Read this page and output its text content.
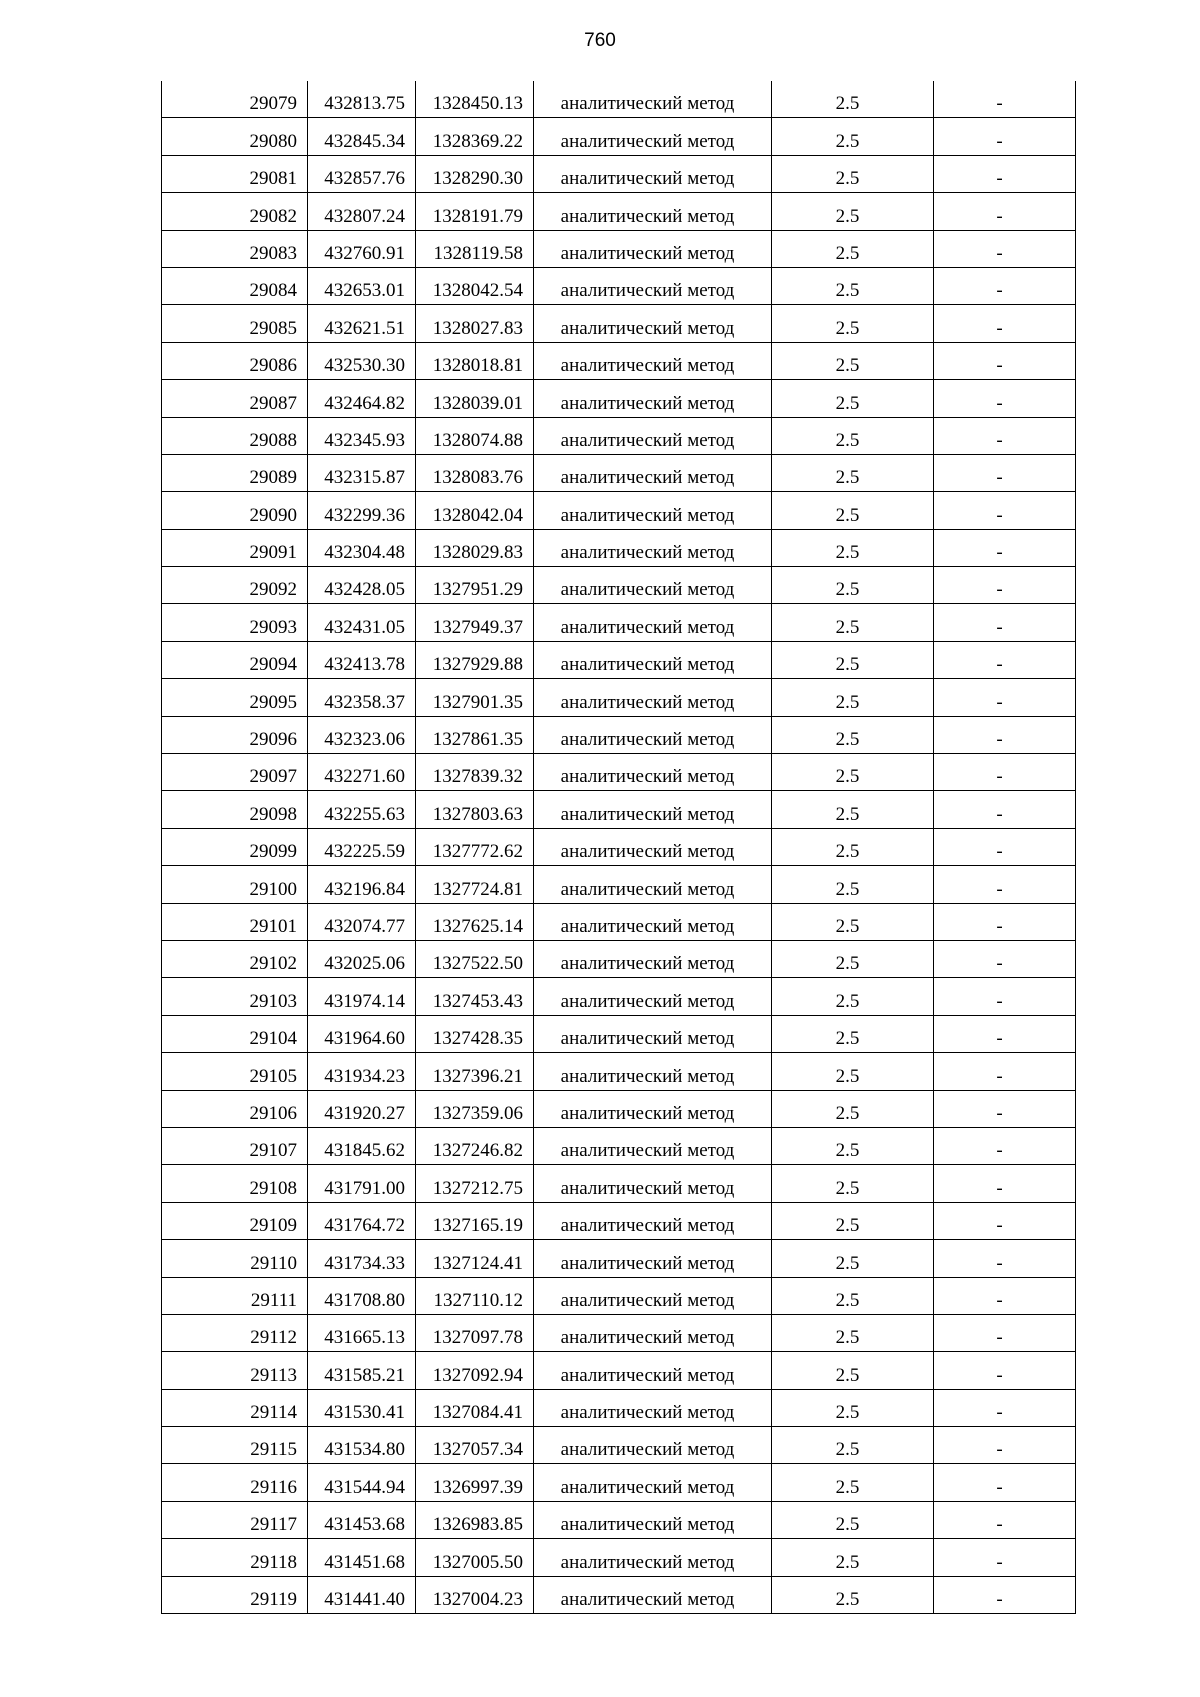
760
29079	432813.75	1328450.13	аналитический метод	2.5	-
29080	432845.34	1328369.22	аналитический метод	2.5	-
29081	432857.76	1328290.30	аналитический метод	2.5	-
29082	432807.24	1328191.79	аналитический метод	2.5	-
29083	432760.91	1328119.58	аналитический метод	2.5	-
29084	432653.01	1328042.54	аналитический метод	2.5	-
29085	432621.51	1328027.83	аналитический метод	2.5	-
29086	432530.30	1328018.81	аналитический метод	2.5	-
29087	432464.82	1328039.01	аналитический метод	2.5	-
29088	432345.93	1328074.88	аналитический метод	2.5	-
29089	432315.87	1328083.76	аналитический метод	2.5	-
29090	432299.36	1328042.04	аналитический метод	2.5	-
29091	432304.48	1328029.83	аналитический метод	2.5	-
29092	432428.05	1327951.29	аналитический метод	2.5	-
29093	432431.05	1327949.37	аналитический метод	2.5	-
29094	432413.78	1327929.88	аналитический метод	2.5	-
29095	432358.37	1327901.35	аналитический метод	2.5	-
29096	432323.06	1327861.35	аналитический метод	2.5	-
29097	432271.60	1327839.32	аналитический метод	2.5	-
29098	432255.63	1327803.63	аналитический метод	2.5	-
29099	432225.59	1327772.62	аналитический метод	2.5	-
29100	432196.84	1327724.81	аналитический метод	2.5	-
29101	432074.77	1327625.14	аналитический метод	2.5	-
29102	432025.06	1327522.50	аналитический метод	2.5	-
29103	431974.14	1327453.43	аналитический метод	2.5	-
29104	431964.60	1327428.35	аналитический метод	2.5	-
29105	431934.23	1327396.21	аналитический метод	2.5	-
29106	431920.27	1327359.06	аналитический метод	2.5	-
29107	431845.62	1327246.82	аналитический метод	2.5	-
29108	431791.00	1327212.75	аналитический метод	2.5	-
29109	431764.72	1327165.19	аналитический метод	2.5	-
29110	431734.33	1327124.41	аналитический метод	2.5	-
29111	431708.80	1327110.12	аналитический метод	2.5	-
29112	431665.13	1327097.78	аналитический метод	2.5	-
29113	431585.21	1327092.94	аналитический метод	2.5	-
29114	431530.41	1327084.41	аналитический метод	2.5	-
29115	431534.80	1327057.34	аналитический метод	2.5	-
29116	431544.94	1326997.39	аналитический метод	2.5	-
29117	431453.68	1326983.85	аналитический метод	2.5	-
29118	431451.68	1327005.50	аналитический метод	2.5	-
29119	431441.40	1327004.23	аналитический метод	2.5	-
